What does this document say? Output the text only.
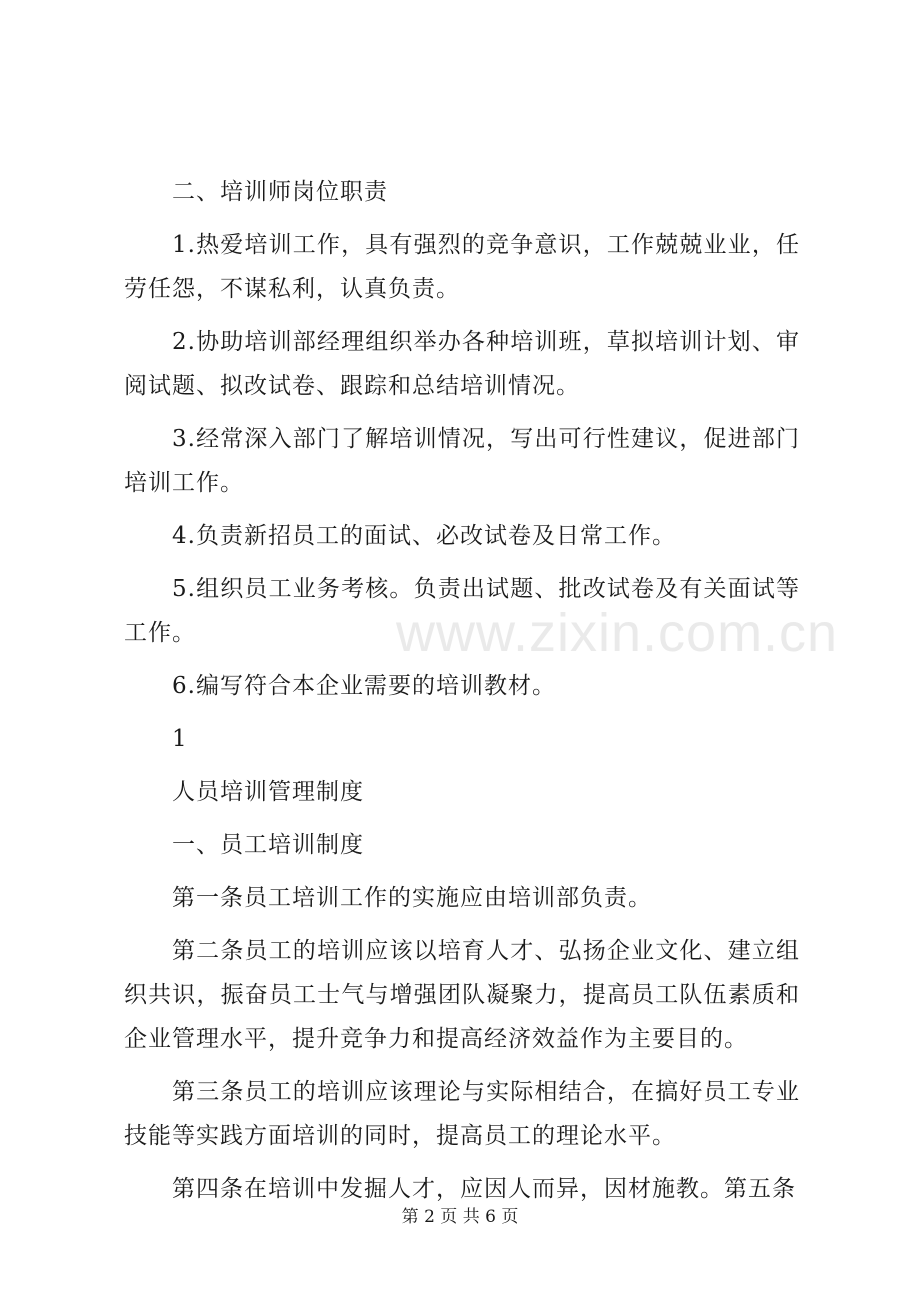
www.zixin.com.cn

二、培训师岗位职责

1.热爱培训工作，具有强烈的竞争意识，工作兢兢业业，任劳任怨，不谋私利，认真负责。

2.协助培训部经理组织举办各种培训班，草拟培训计划、审阅试题、拟改试卷、跟踪和总结培训情况。

3.经常深入部门了解培训情况，写出可行性建议，促进部门培训工作。

4.负责新招员工的面试、必改试卷及日常工作。

5.组织员工业务考核。负责出试题、批改试卷及有关面试等工作。

6.编写符合本企业需要的培训教材。

1

人员培训管理制度

一、员工培训制度

第一条员工培训工作的实施应由培训部负责。

第二条员工的培训应该以培育人才、弘扬企业文化、建立组织共识，振奋员工士气与增强团队凝聚力，提高员工队伍素质和企业管理水平，提升竞争力和提高经济效益作为主要目的。

第三条员工的培训应该理论与实际相结合，在搞好员工专业技能等实践方面培训的同时，提高员工的理论水平。

第四条在培训中发掘人才，应因人而异，因材施教。第五条

第 2 页 共 6 页
